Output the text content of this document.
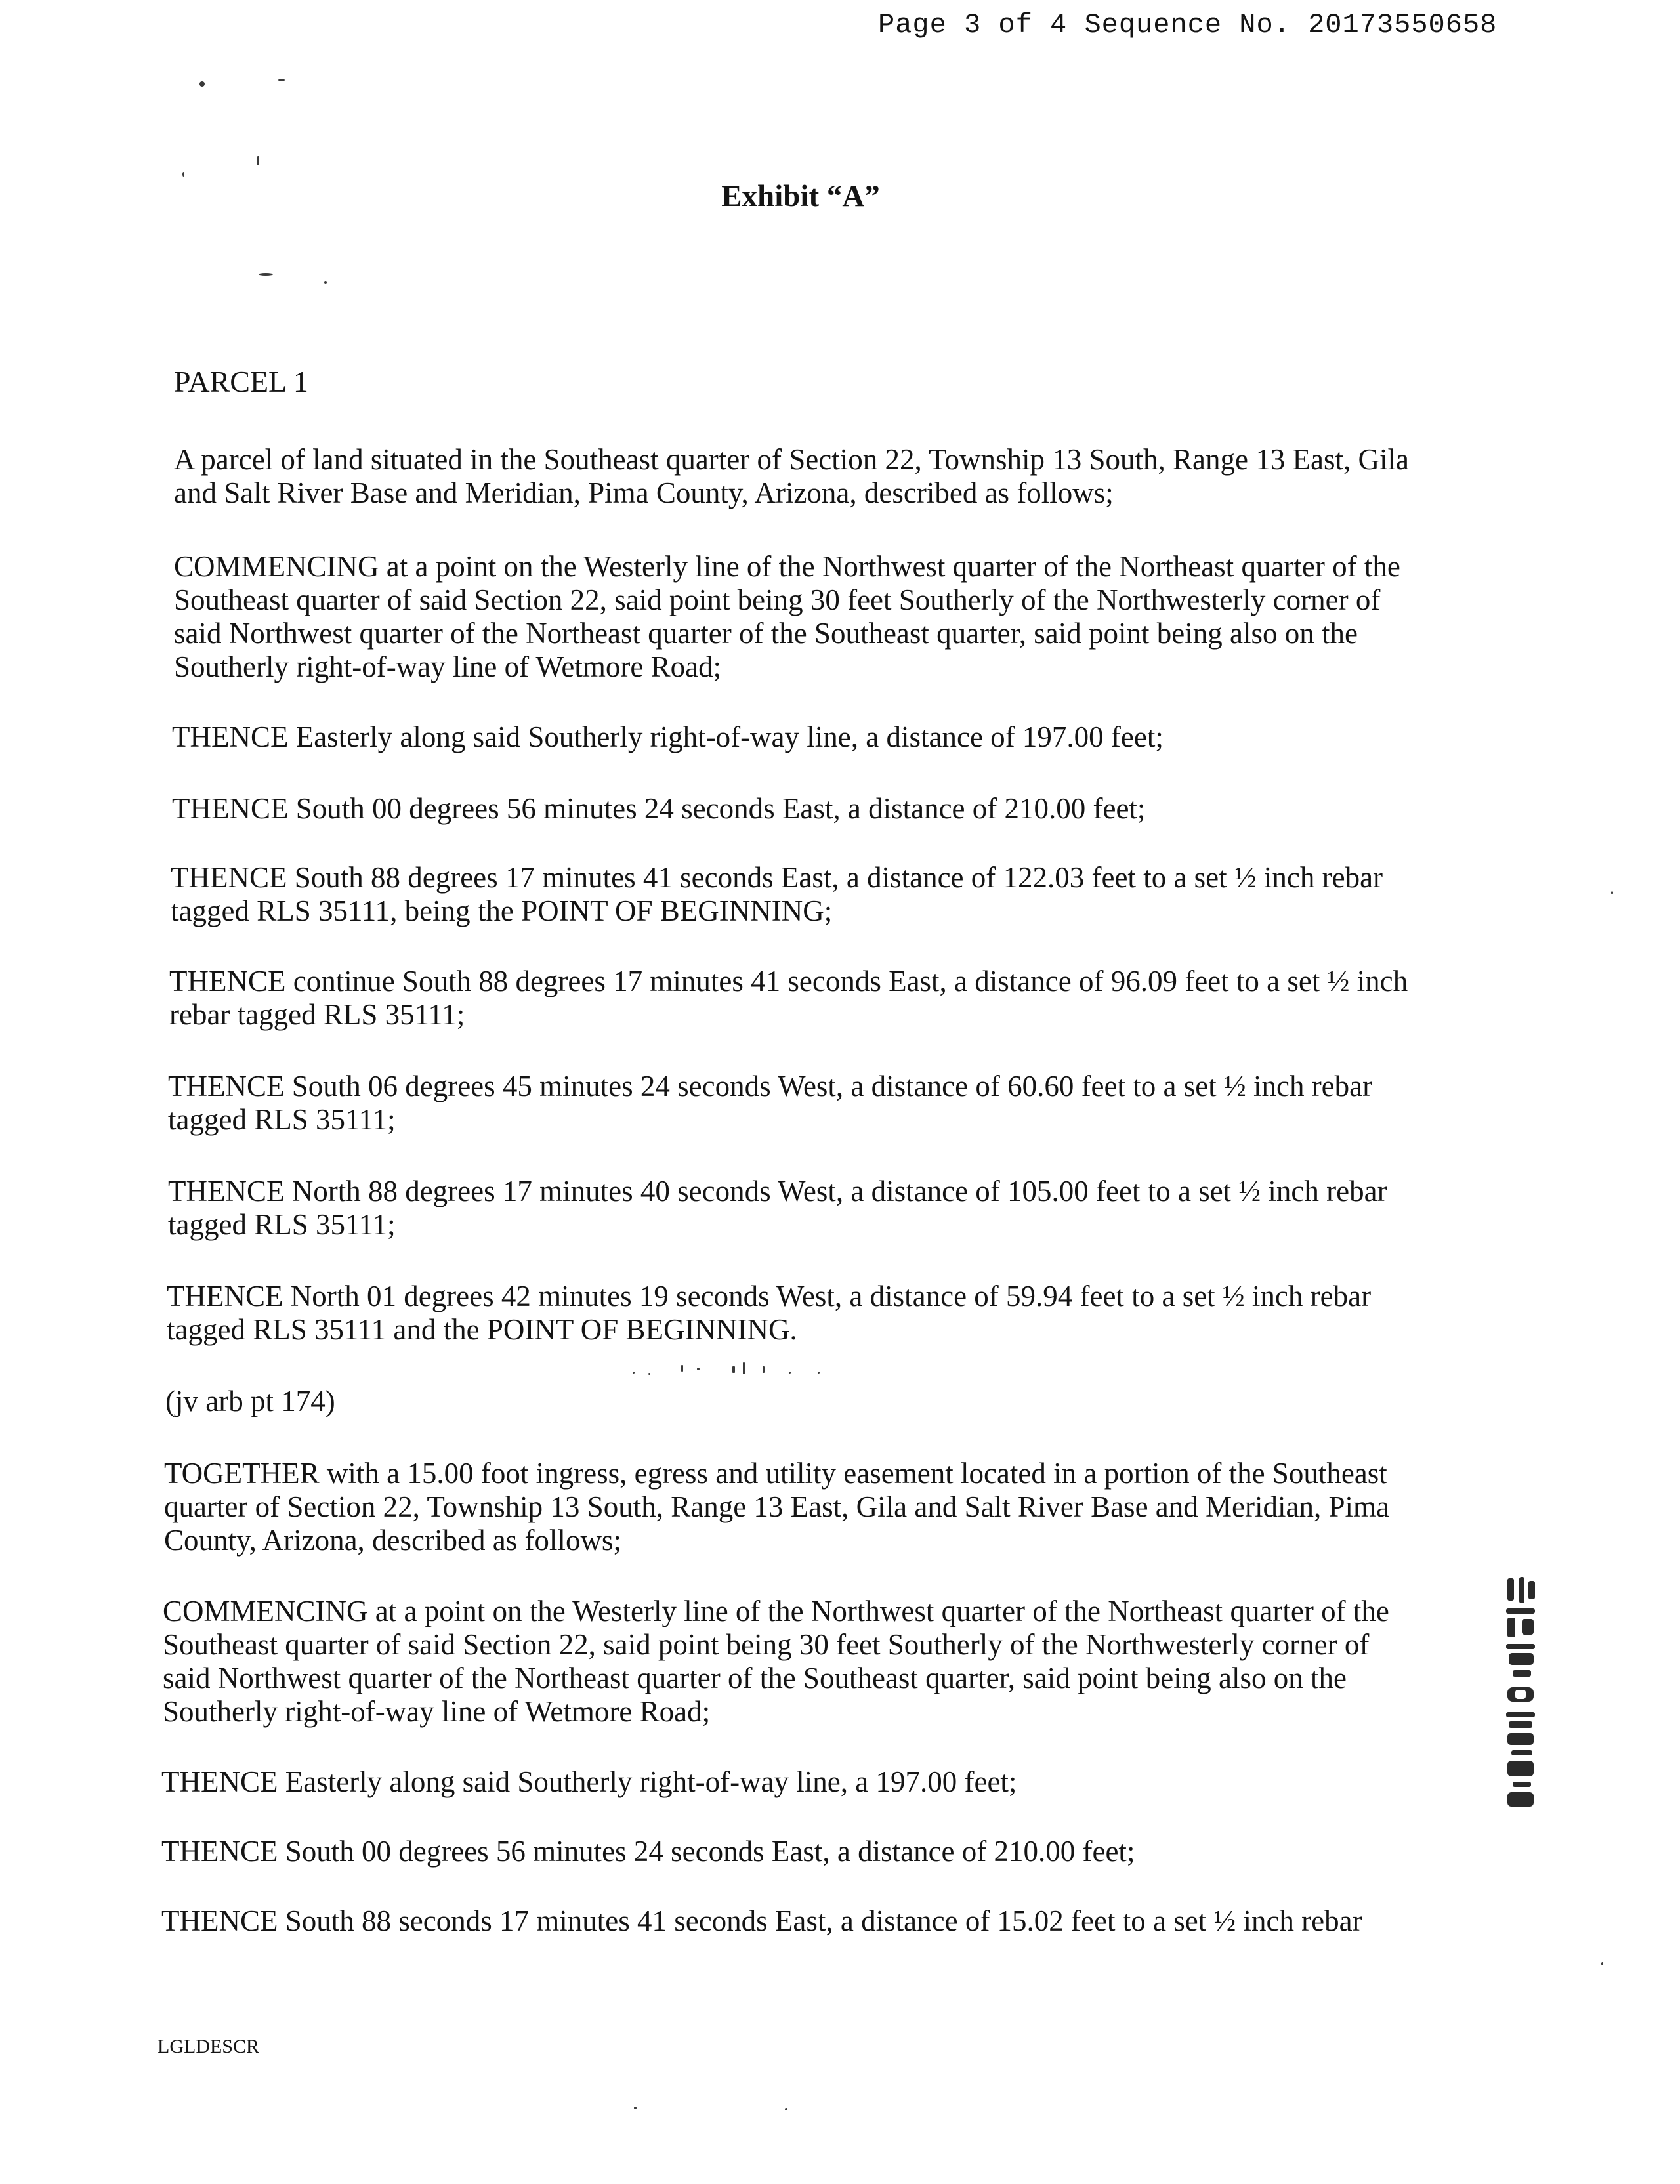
Page 3 of 4 Sequence No. 20173550658
Exhibit “A”
PARCEL 1
A parcel of land situated in the Southeast quarter of Section 22, Township 13 South, Range 13 East, Gila
and Salt River Base and Meridian, Pima County, Arizona, described as follows;
COMMENCING at a point on the Westerly line of the Northwest quarter of the Northeast quarter of the
Southeast quarter of said Section 22, said point being 30 feet Southerly of the Northwesterly corner of
said Northwest quarter of the Northeast quarter of the Southeast quarter, said point being also on the
Southerly right-of-way line of Wetmore Road;
THENCE Easterly along said Southerly right-of-way line, a distance of 197.00 feet;
THENCE South 00 degrees 56 minutes 24 seconds East, a distance of 210.00 feet;
THENCE South 88 degrees 17 minutes 41 seconds East, a distance of 122.03 feet to a set ½ inch rebar
tagged RLS 35111, being the POINT OF BEGINNING;
THENCE continue South 88 degrees 17 minutes 41 seconds East, a distance of 96.09 feet to a set ½ inch
rebar tagged RLS 35111;
THENCE South 06 degrees 45 minutes 24 seconds West, a distance of 60.60 feet to a set ½ inch rebar
tagged RLS 35111;
THENCE North 88 degrees 17 minutes 40 seconds West, a distance of 105.00 feet to a set ½ inch rebar
tagged RLS 35111;
THENCE North 01 degrees 42 minutes 19 seconds West, a distance of 59.94 feet to a set ½ inch rebar
tagged RLS 35111 and the POINT OF BEGINNING.
(jv arb pt 174)
TOGETHER with a 15.00 foot ingress, egress and utility easement located in a portion of the Southeast
quarter of Section 22, Township 13 South, Range 13 East, Gila and Salt River Base and Meridian, Pima
County, Arizona, described as follows;
COMMENCING at a point on the Westerly line of the Northwest quarter of the Northeast quarter of the
Southeast quarter of said Section 22, said point being 30 feet Southerly of the Northwesterly corner of
said Northwest quarter of the Northeast quarter of the Southeast quarter, said point being also on the
Southerly right-of-way line of Wetmore Road;
THENCE Easterly along said Southerly right-of-way line, a 197.00 feet;
THENCE South 00 degrees 56 minutes 24 seconds East, a distance of 210.00 feet;
THENCE South 88 seconds 17 minutes 41 seconds East, a distance of 15.02 feet to a set ½ inch rebar
LGLDESCR
